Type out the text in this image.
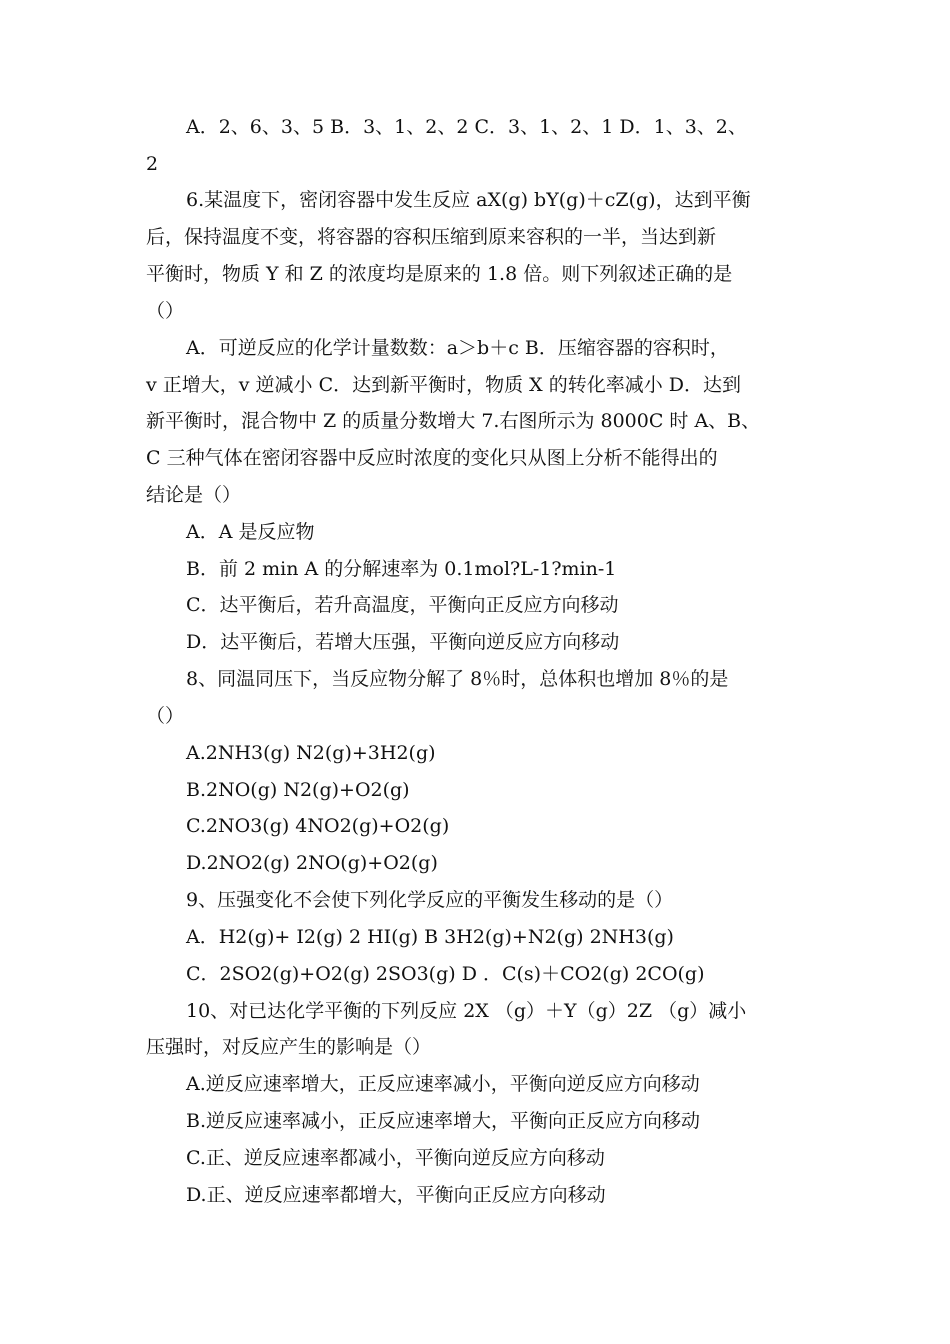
A．2、6、3、5 B．3、1、2、2 C．3、1、2、1 D．1、3、2、
2
6.某温度下，密闭容器中发生反应 aX(g) bY(g)＋cZ(g)，达到平衡
后，保持温度不变，将容器的容积压缩到原来容积的一半，当达到新
平衡时，物质 Y 和 Z 的浓度均是原来的 1.8 倍。则下列叙述正确的是
（）
A．可逆反应的化学计量数数：a＞b＋c B．压缩容器的容积时，
v 正增大，v 逆减小 C．达到新平衡时，物质 X 的转化率减小 D．达到
新平衡时，混合物中 Z 的质量分数增大 7.右图所示为 8000C 时 A、B、
C 三种气体在密闭容器中反应时浓度的变化只从图上分析不能得出的
结论是（）
A．A 是反应物
B．前 2 min A 的分解速率为 0.1mol?L-1?min-1
C．达平衡后，若升高温度，平衡向正反应方向移动
D．达平衡后，若增大压强，平衡向逆反应方向移动
8、同温同压下，当反应物分解了 8％时，总体积也增加 8％的是
（）
A.2NH3(g) N2(g)+3H2(g)
B.2NO(g) N2(g)+O2(g)
C.2NO3(g) 4NO2(g)+O2(g)
D.2NO2(g) 2NO(g)+O2(g)
9、压强变化不会使下列化学反应的平衡发生移动的是（）
A．H2(g)+ I2(g) 2 HI(g) B 3H2(g)+N2(g) 2NH3(g)
C．2SO2(g)+O2(g) 2SO3(g) D ．C(s)＋CO2(g) 2CO(g)
10、对已达化学平衡的下列反应 2X （g）＋Y（g）2Z （g）减小
压强时，对反应产生的影响是（）
A.逆反应速率增大，正反应速率减小，平衡向逆反应方向移动
B.逆反应速率减小，正反应速率增大，平衡向正反应方向移动
C.正、逆反应速率都减小，平衡向逆反应方向移动
D.正、逆反应速率都增大，平衡向正反应方向移动
